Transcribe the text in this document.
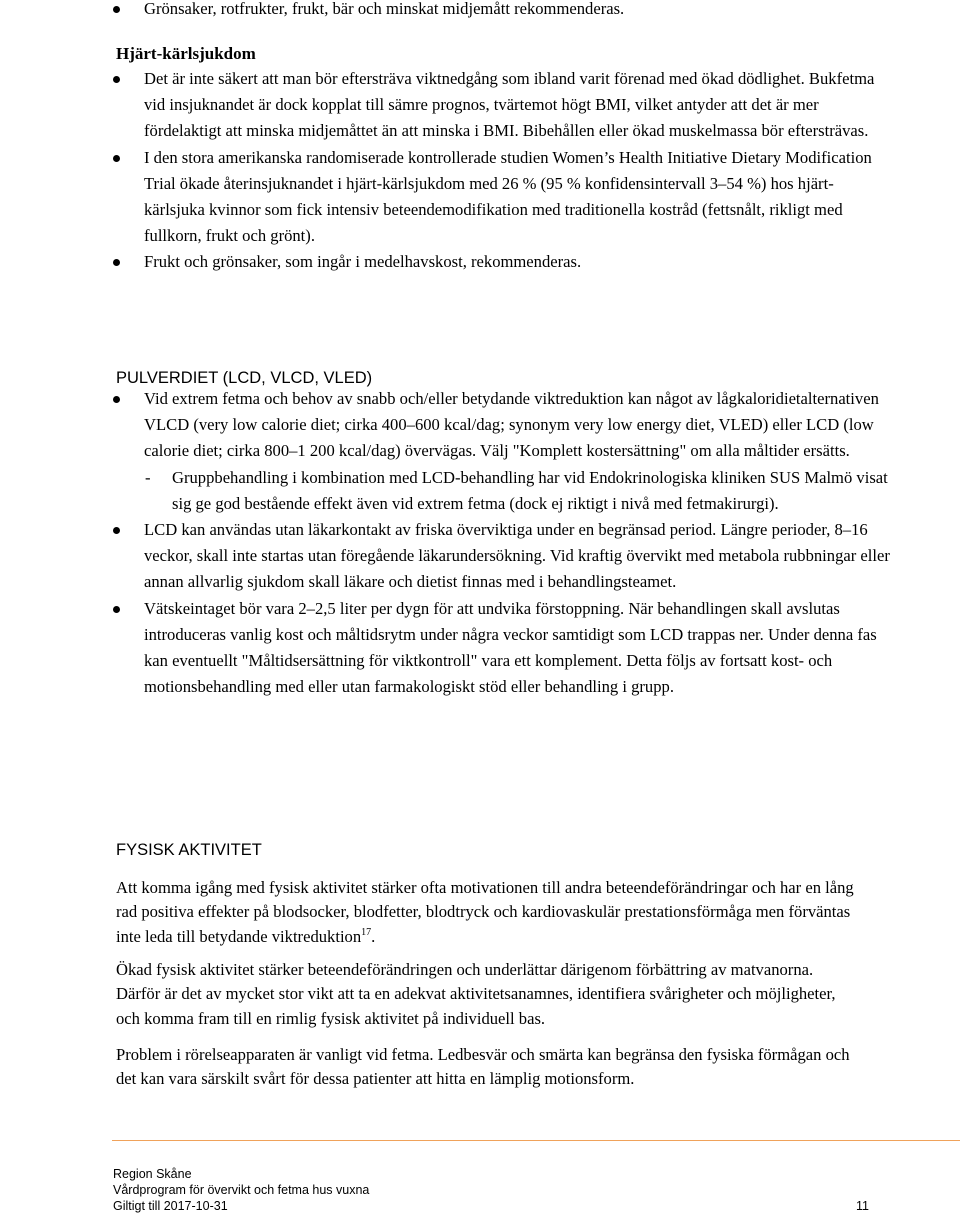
Grönsaker, rotfrukter, frukt, bär och minskat midjemått rekommenderas.
Hjärt-kärlsjukdom
Det är inte säkert att man bör eftersträva viktnedgång som ibland varit förenad med ökad dödlighet. Bukfetma vid insjuknandet är dock kopplat till sämre prognos, tvärtemot högt BMI, vilket antyder att det är mer fördelaktigt att minska midjemåttet än att minska i BMI. Bibehållen eller ökad muskelmassa bör eftersträvas.
I den stora amerikanska randomiserade kontrollerade studien Women’s Health Initiative Dietary Modification Trial ökade återinsjuknandet i hjärt-kärlsjukdom med 26 % (95 % konfidensintervall 3–54 %) hos hjärt-kärlsjuka kvinnor som fick intensiv beteendemodifikation med traditionella kostråd (fettsnålt, rikligt med fullkorn, frukt och grönt).
Frukt och grönsaker, som ingår i medelhavskost, rekommenderas.
PULVERDIET (LCD, VLCD, VLED)
Vid extrem fetma och behov av snabb och/eller betydande viktreduktion kan något av lågkaloridietalternativen VLCD (very low calorie diet; cirka 400–600 kcal/dag; synonym very low energy diet, VLED) eller LCD (low calorie diet; cirka 800–1 200 kcal/dag) övervägas. Välj "Komplett kostersättning" om alla måltider ersätts.
- Gruppbehandling i kombination med LCD-behandling har vid Endokrinologiska kliniken SUS Malmö visat sig ge god bestående effekt även vid extrem fetma (dock ej riktigt i nivå med fetmakirurgi).
LCD kan användas utan läkarkontakt av friska överviktiga under en begränsad period. Längre perioder, 8–16 veckor, skall inte startas utan föregående läkarundersökning. Vid kraftig övervikt med metabola rubbningar eller annan allvarlig sjukdom skall läkare och dietist finnas med i behandlingsteamet.
Vätskeintaget bör vara 2–2,5 liter per dygn för att undvika förstoppning. När behandlingen skall avslutas introduceras vanlig kost och måltidsrytm under några veckor samtidigt som LCD trappas ner. Under denna fas kan eventuellt "Måltidsersättning för viktkontroll" vara ett komplement. Detta följs av fortsatt kost- och motionsbehandling med eller utan farmakologiskt stöd eller behandling i grupp.
FYSISK AKTIVITET

Att komma igång med fysisk aktivitet stärker ofta motivationen till andra beteendeförändringar och har en lång rad positiva effekter på blodsocker, blodfetter, blodtryck och kardiovaskulär prestationsförmåga men förväntas inte leda till betydande viktreduktion$^{17}$.

Ökad fysisk aktivitet stärker beteendeförändringen och underlättar därigenom förbättring av matvanorna. Därför är det av mycket stor vikt att ta en adekvat aktivitetsanamnes, identifiera svårigheter och möjligheter, och komma fram till en rimlig fysisk aktivitet på individuell bas.

Problem i rörelseapparaten är vanligt vid fetma. Ledbesvär och smärta kan begränsa den fysiska förmågan och det kan vara särskilt svårt för dessa patienter att hitta en lämplig motionsform.

Region Skåne
Vårdprogram för övervikt och fetma hus vuxna
Giltigt till 2017-10-31	11
